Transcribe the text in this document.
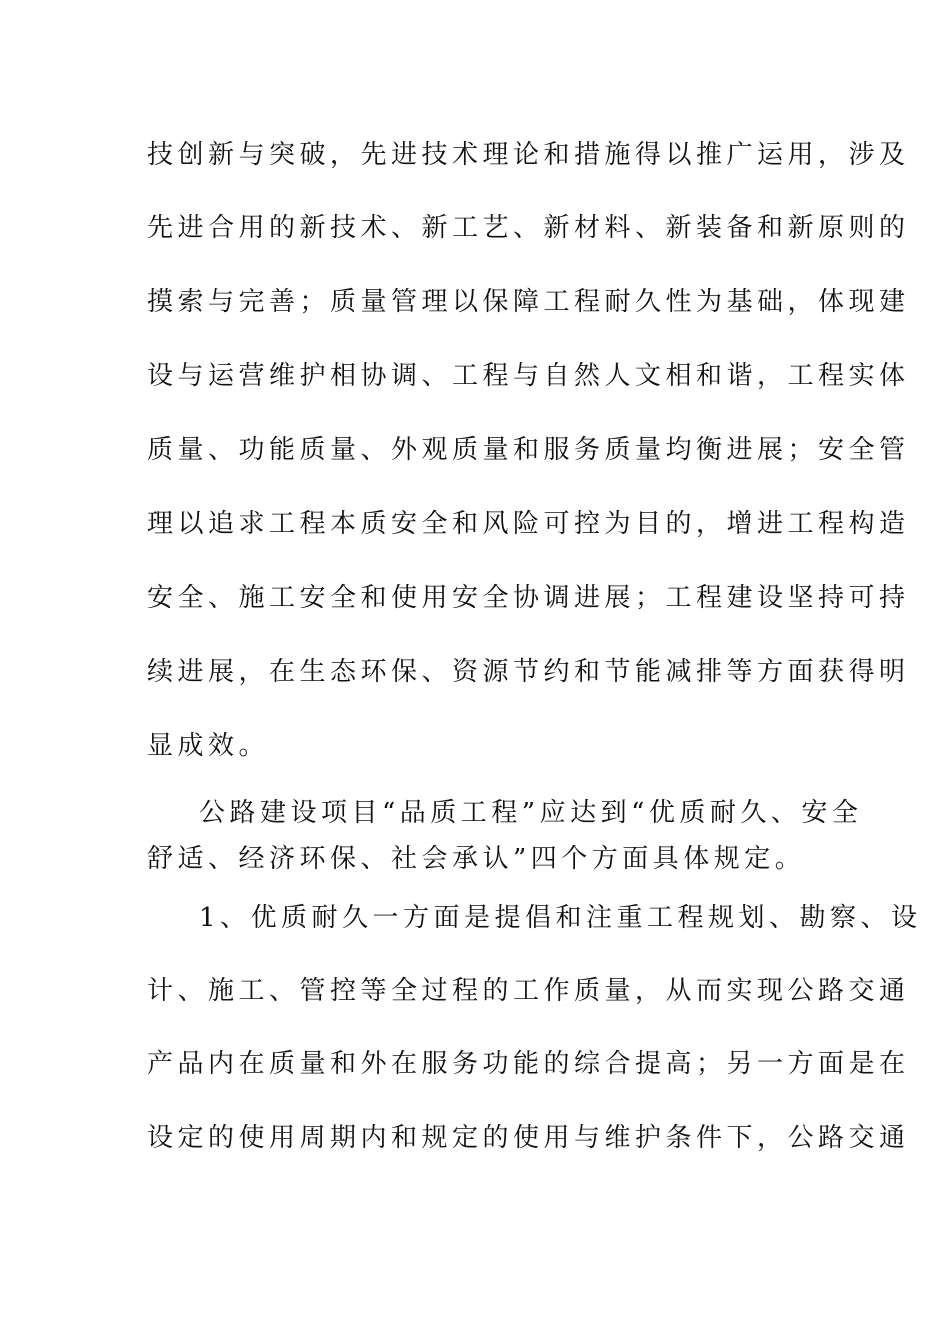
技创新与突破，先进技术理论和措施得以推广运用，涉及
先进合用的新技术、新工艺、新材料、新装备和新原则的
摸索与完善；质量管理以保障工程耐久性为基础，体现建
设与运营维护相协调、工程与自然人文相和谐，工程实体
质量、功能质量、外观质量和服务质量均衡进展；安全管
理以追求工程本质安全和风险可控为目的，增进工程构造
安全、施工安全和使用安全协调进展；工程建设坚持可持
续进展，在生态环保、资源节约和节能减排等方面获得明
显成效。
公路建设项目“品质工程”应达到“优质耐久、安全
舒适、经济环保、社会承认”四个方面具体规定。
1、优质耐久一方面是提倡和注重工程规划、勘察、设
计、施工、管控等全过程的工作质量，从而实现公路交通
产品内在质量和外在服务功能的综合提高；另一方面是在
设定的使用周期内和规定的使用与维护条件下，公路交通
